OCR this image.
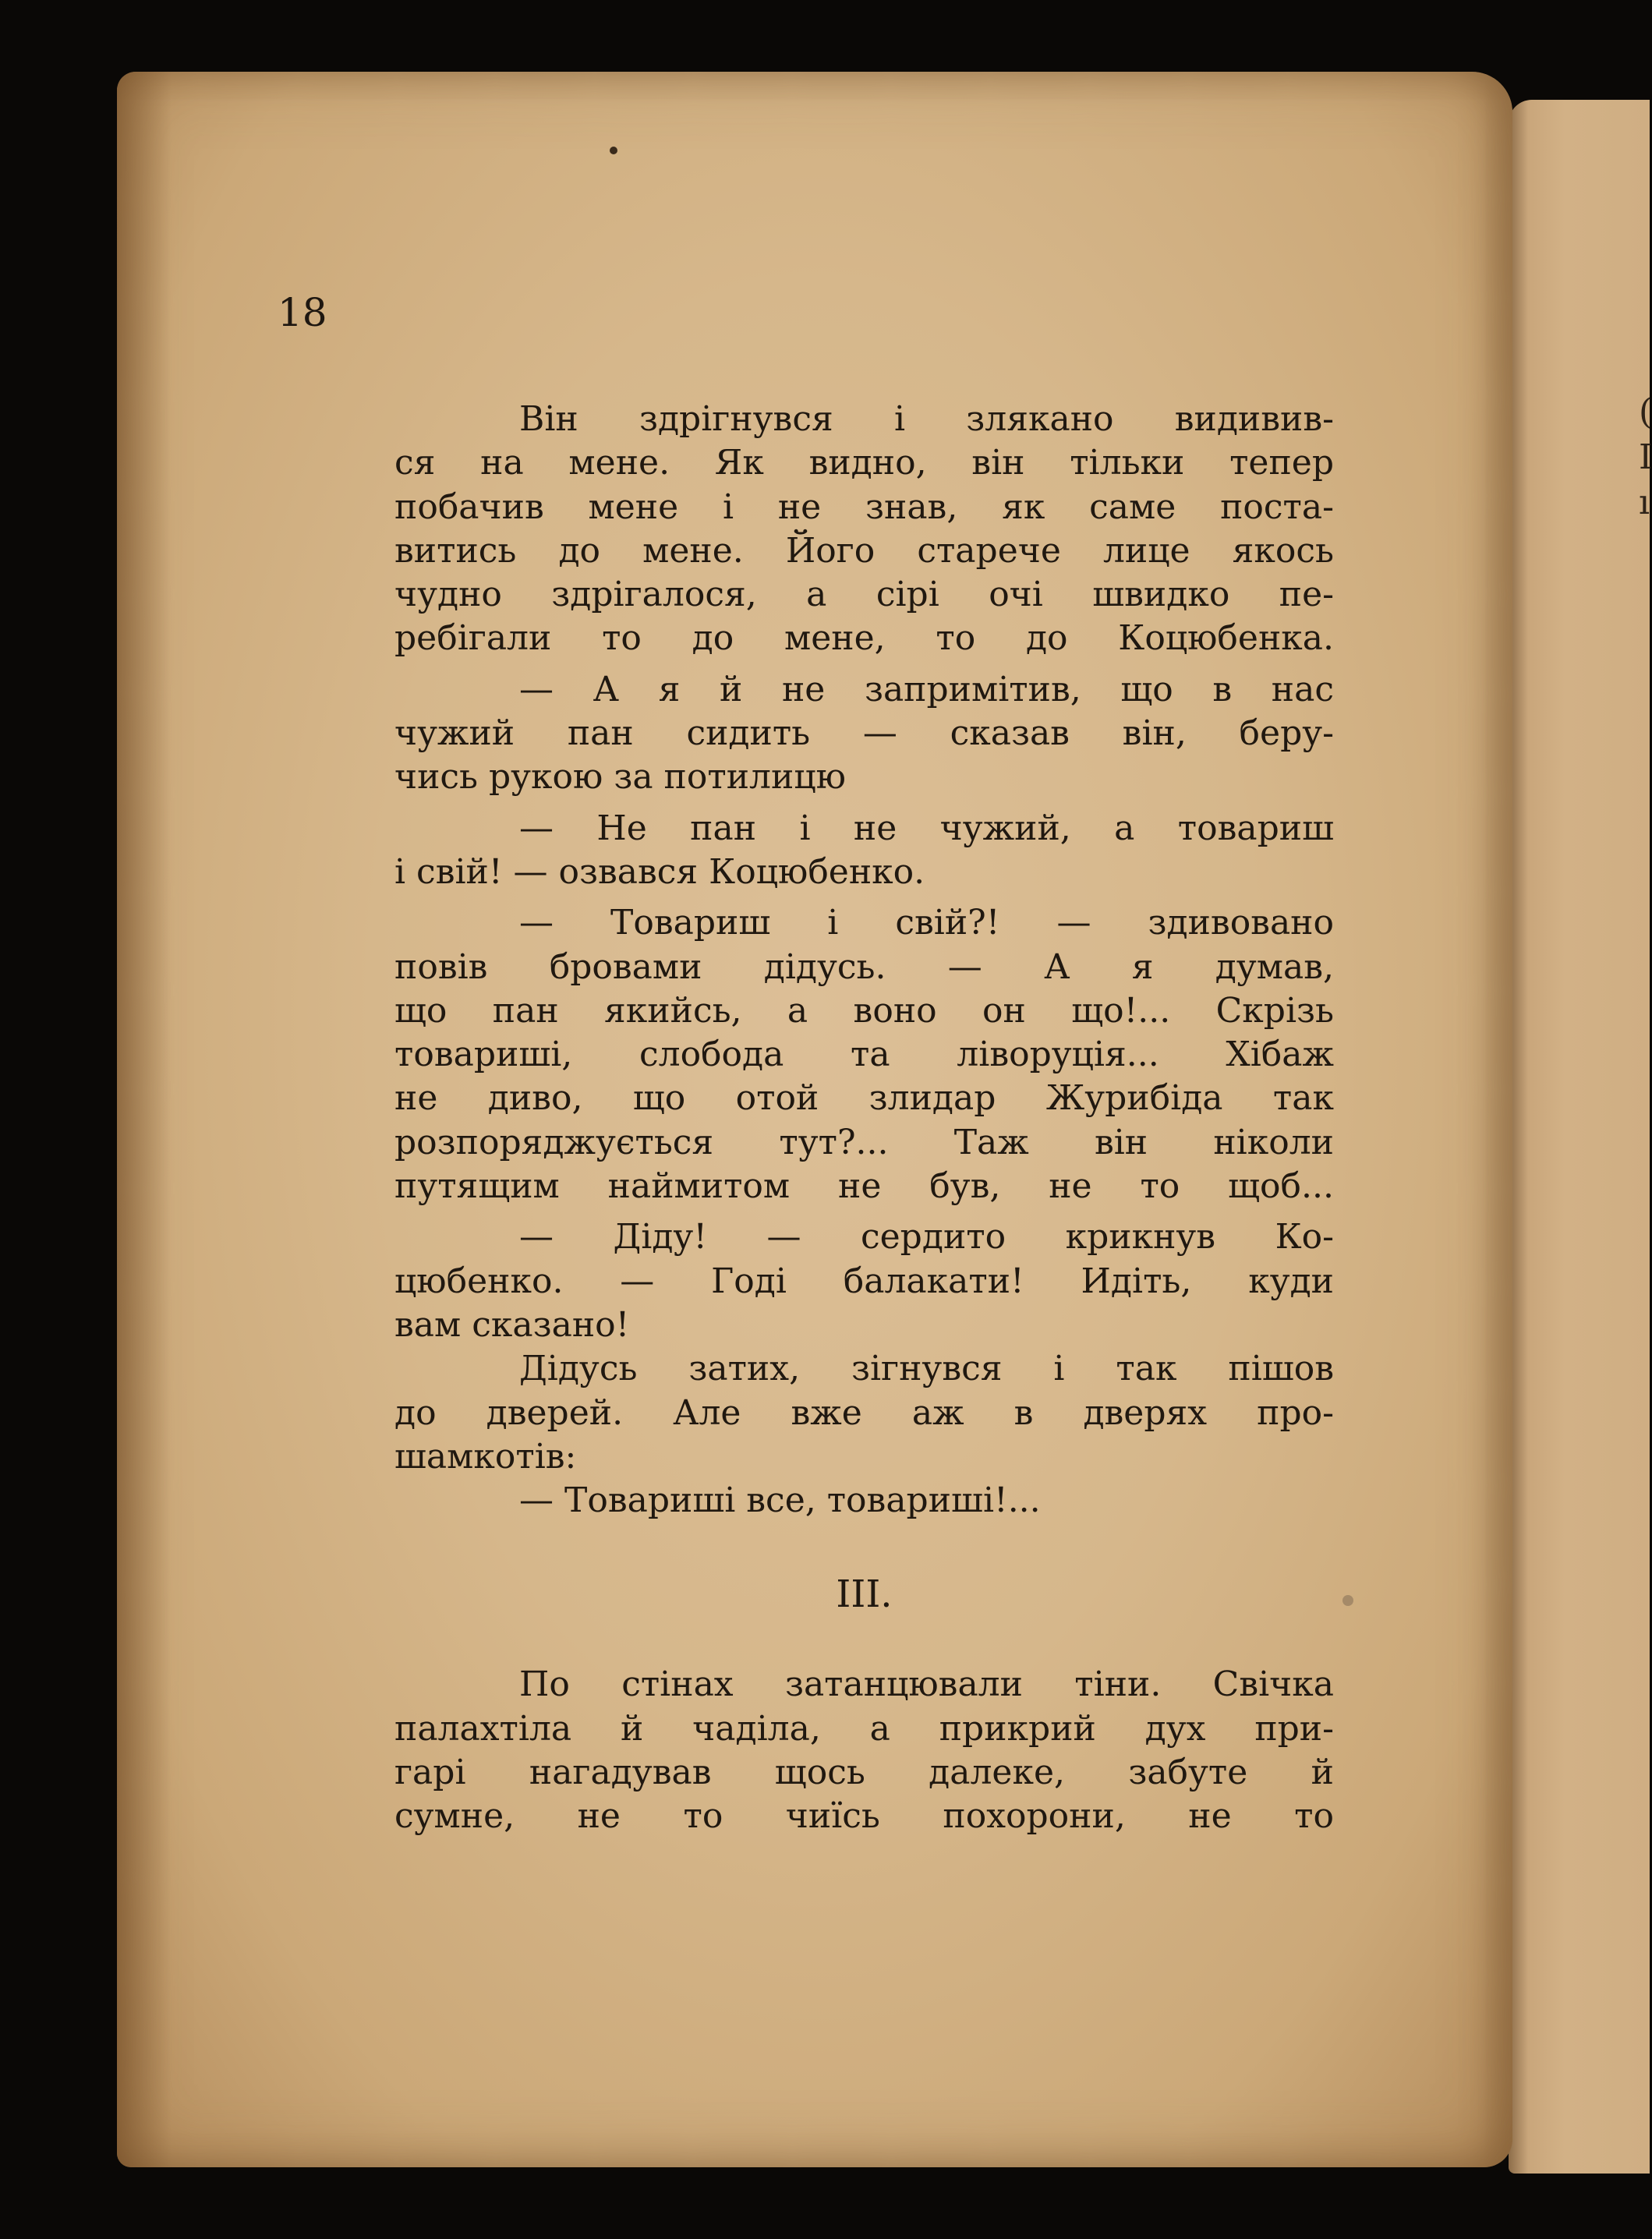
(
I
ı

18

Він здрігнувся і злякано видивив-
ся на мене. Як видно, він тільки тепер
побачив мене і не знав, як саме поста-
витись до мене. Його старече лице якось
чудно здрігалося, а сірі очі швидко пе-
ребігали то до мене, то до Коцюбенка.
— А я й не запримітив, що в нас
чужий пан сидить — сказав він, беру-
чись рукою за потилицю
— Не пан і не чужий, а товариш
і свій! — озвався Коцюбенко.
— Товариш і свій?! — здивовано
повів бровами дідусь. — А я думав,
що пан якийсь, а воно он що!... Скрізь
товариші, слобода та ліворуція... Хібаж
не диво, що отой злидар Журибіда так
розпоряджується тут?... Таж він ніколи
путящим наймитом не був, не то щоб...
— Діду! — сердито крикнув Ко-
цюбенко. — Годі балакати! Идіть, куди
вам сказано!
Дідусь затих, зігнувся і так пішов
до дверей. Але вже аж в дверях про-
шамкотів:
— Товариші все, товариші!...
III.
По стінах затанцювали тіни. Свічка
палахтіла й чаділа, а прикрий дух при-
гарі нагадував щось далеке, забуте й
сумне, не то чиїсь похорони, не то
